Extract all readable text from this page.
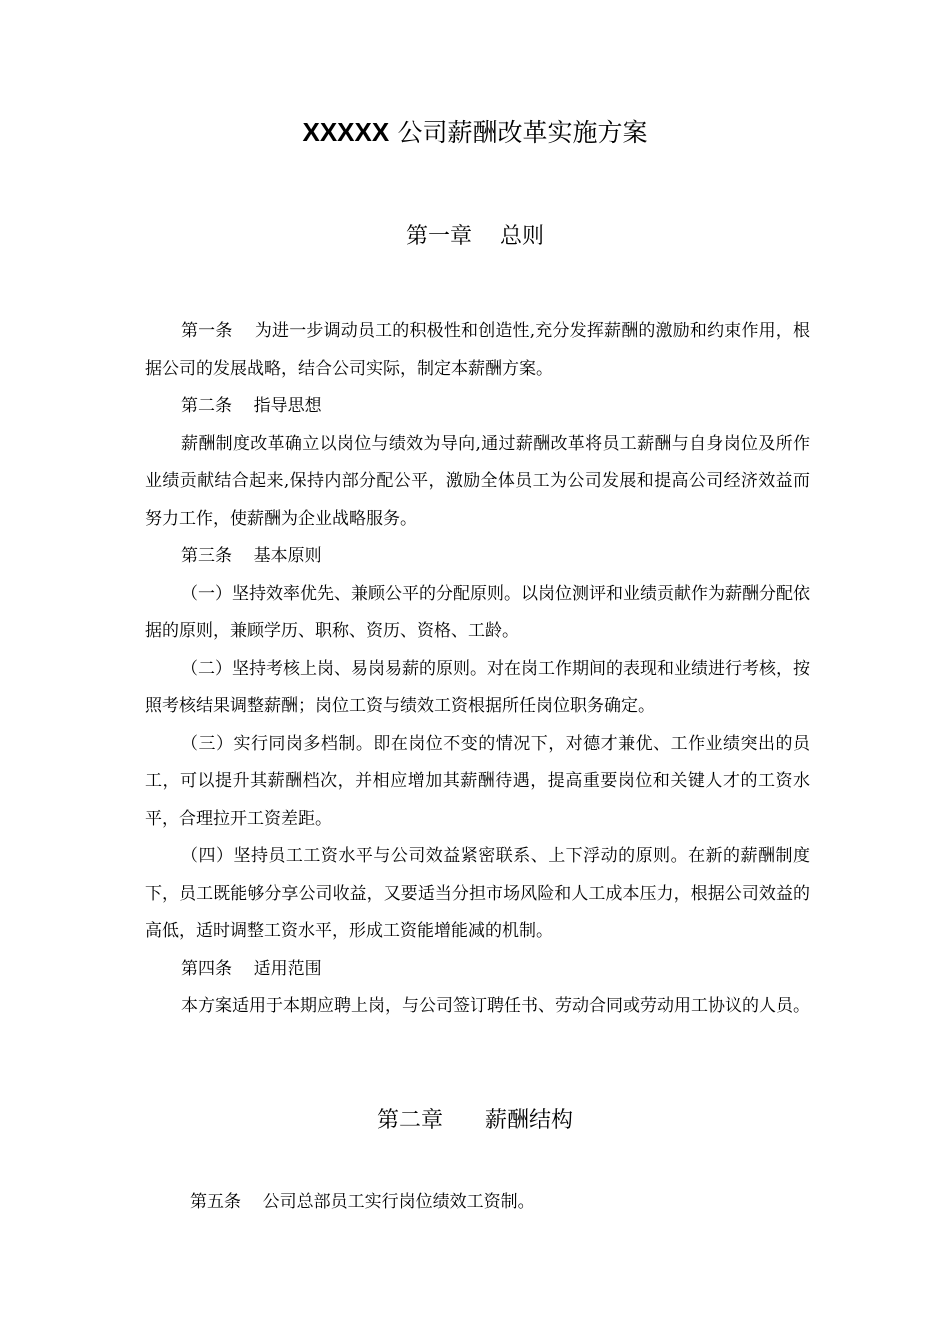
XXXXX 公司薪酬改革实施方案
第一章    总则

第一条    为进一步调动员工的积极性和创造性,充分发挥薪酬的激励和约束作用，根据公司的发展战略，结合公司实际，制定本薪酬方案。

第二条    指导思想

薪酬制度改革确立以岗位与绩效为导向,通过薪酬改革将员工薪酬与自身岗位及所作业绩贡献结合起来,保持内部分配公平，激励全体员工为公司发展和提高公司经济效益而努力工作，使薪酬为企业战略服务。

第三条    基本原则

（一）坚持效率优先、兼顾公平的分配原则。以岗位测评和业绩贡献作为薪酬分配依据的原则，兼顾学历、职称、资历、资格、工龄。

（二）坚持考核上岗、易岗易薪的原则。对在岗工作期间的表现和业绩进行考核，按照考核结果调整薪酬；岗位工资与绩效工资根据所任岗位职务确定。

（三）实行同岗多档制。即在岗位不变的情况下，对德才兼优、工作业绩突出的员工，可以提升其薪酬档次，并相应增加其薪酬待遇，提高重要岗位和关键人才的工资水平，合理拉开工资差距。

（四）坚持员工工资水平与公司效益紧密联系、上下浮动的原则。在新的薪酬制度下，员工既能够分享公司收益，又要适当分担市场风险和人工成本压力，根据公司效益的高低，适时调整工资水平，形成工资能增能减的机制。

第四条    适用范围

本方案适用于本期应聘上岗，与公司签订聘任书、劳动合同或劳动用工协议的人员。

第二章      薪酬结构
第五条    公司总部员工实行岗位绩效工资制。
